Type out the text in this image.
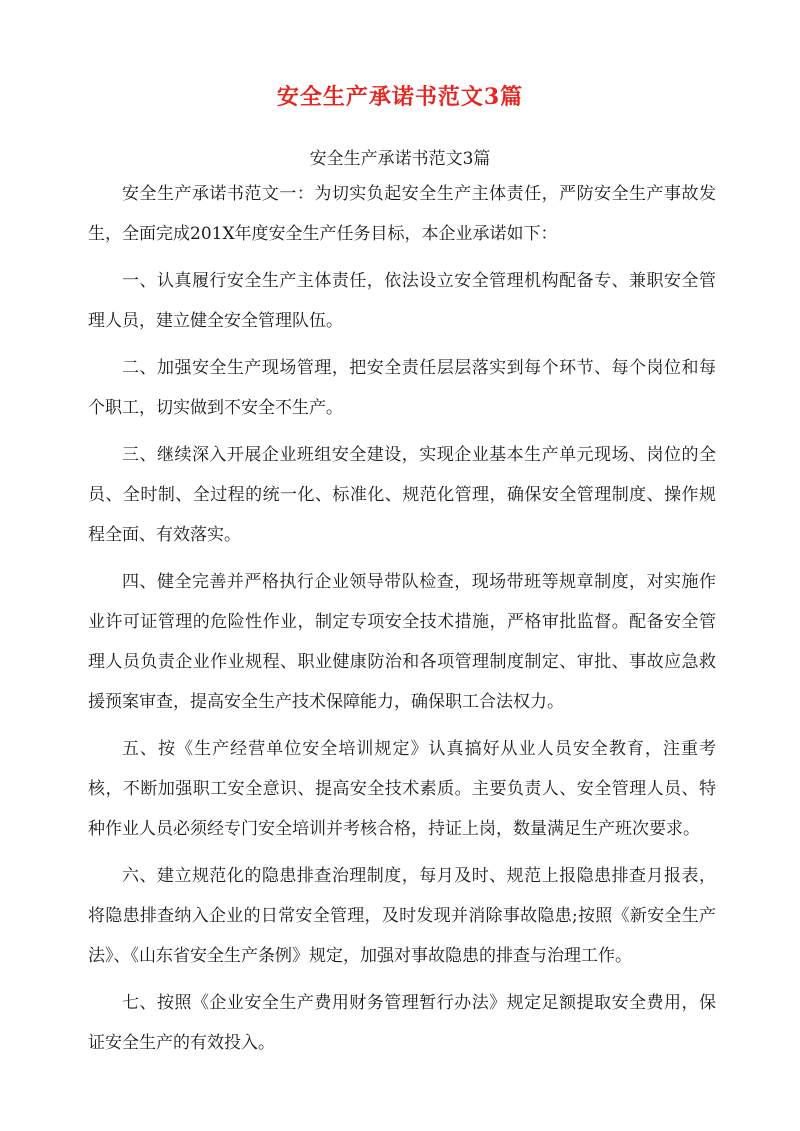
安全生产承诺书范文3篇

安全生产承诺书范文3篇

安全生产承诺书范文一：为切实负起安全生产主体责任，严防安全生产事故发生，全面完成201X年度安全生产任务目标，本企业承诺如下：

一、认真履行安全生产主体责任，依法设立安全管理机构配备专、兼职安全管理人员，建立健全安全管理队伍。

二、加强安全生产现场管理，把安全责任层层落实到每个环节、每个岗位和每个职工，切实做到不安全不生产。

三、继续深入开展企业班组安全建设，实现企业基本生产单元现场、岗位的全员、全时制、全过程的统一化、标准化、规范化管理，确保安全管理制度、操作规程全面、有效落实。

四、健全完善并严格执行企业领导带队检查，现场带班等规章制度，对实施作业许可证管理的危险性作业，制定专项安全技术措施，严格审批监督。配备安全管理人员负责企业作业规程、职业健康防治和各项管理制度制定、审批、事故应急救援预案审查，提高安全生产技术保障能力，确保职工合法权力。

五、按《生产经营单位安全培训规定》认真搞好从业人员安全教育，注重考核，不断加强职工安全意识、提高安全技术素质。主要负责人、安全管理人员、特种作业人员必须经专门安全培训并考核合格，持证上岗，数量满足生产班次要求。

六、建立规范化的隐患排查治理制度，每月及时、规范上报隐患排查月报表，将隐患排查纳入企业的日常安全管理，及时发现并消除事故隐患;按照《新安全生产法》、《山东省安全生产条例》规定，加强对事故隐患的排查与治理工作。

七、按照《企业安全生产费用财务管理暂行办法》规定足额提取安全费用，保证安全生产的有效投入。
